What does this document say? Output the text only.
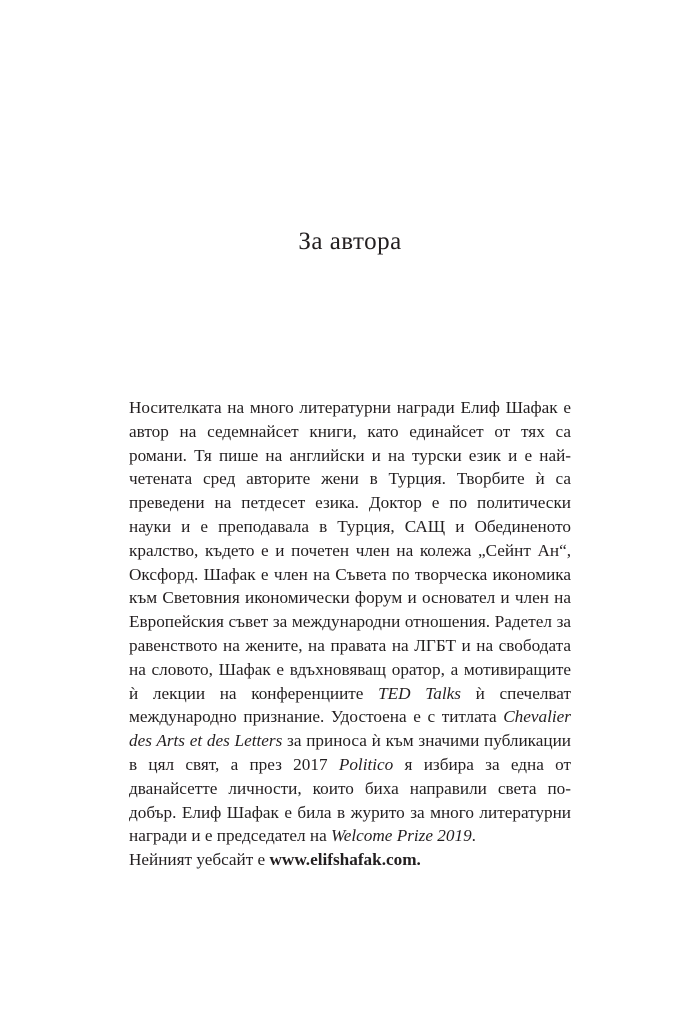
За автора

Носителката на много литературни награди Елиф Шафак е автор на седемнайсет книги, като единайсет от тях са романи. Тя пише на английски и на турски език и е най-четената сред авторите жени в Турция. Творбите ѝ са преведени на петдесет езика. Доктор е по политически науки и е преподавала в Турция, САЩ и Обединеното кралство, където е и почетен член на колежа „Сейнт Ан“, Оксфорд. Шафак е член на Съвета по творческа икономика към Световния икономически форум и основател и член на Европейския съвет за международни отношения. Радетел за равенството на жените, на правата на ЛГБТ и на свободата на словото, Шафак е вдъхновяващ оратор, а мотивиращите ѝ лекции на конференциите TED Talks ѝ спечелват международно признание. Удостоена е с титлата Chevalier des Arts et des Letters за приноса ѝ към значими публикации в цял свят, а през 2017 Politico я избира за една от дванайсетте личности, които биха направили света по-добър. Елиф Шафак е била в журито за много литературни награди и е председател на Welcome Prize 2019.

Нейният уебсайт е www.elifshafak.com.
